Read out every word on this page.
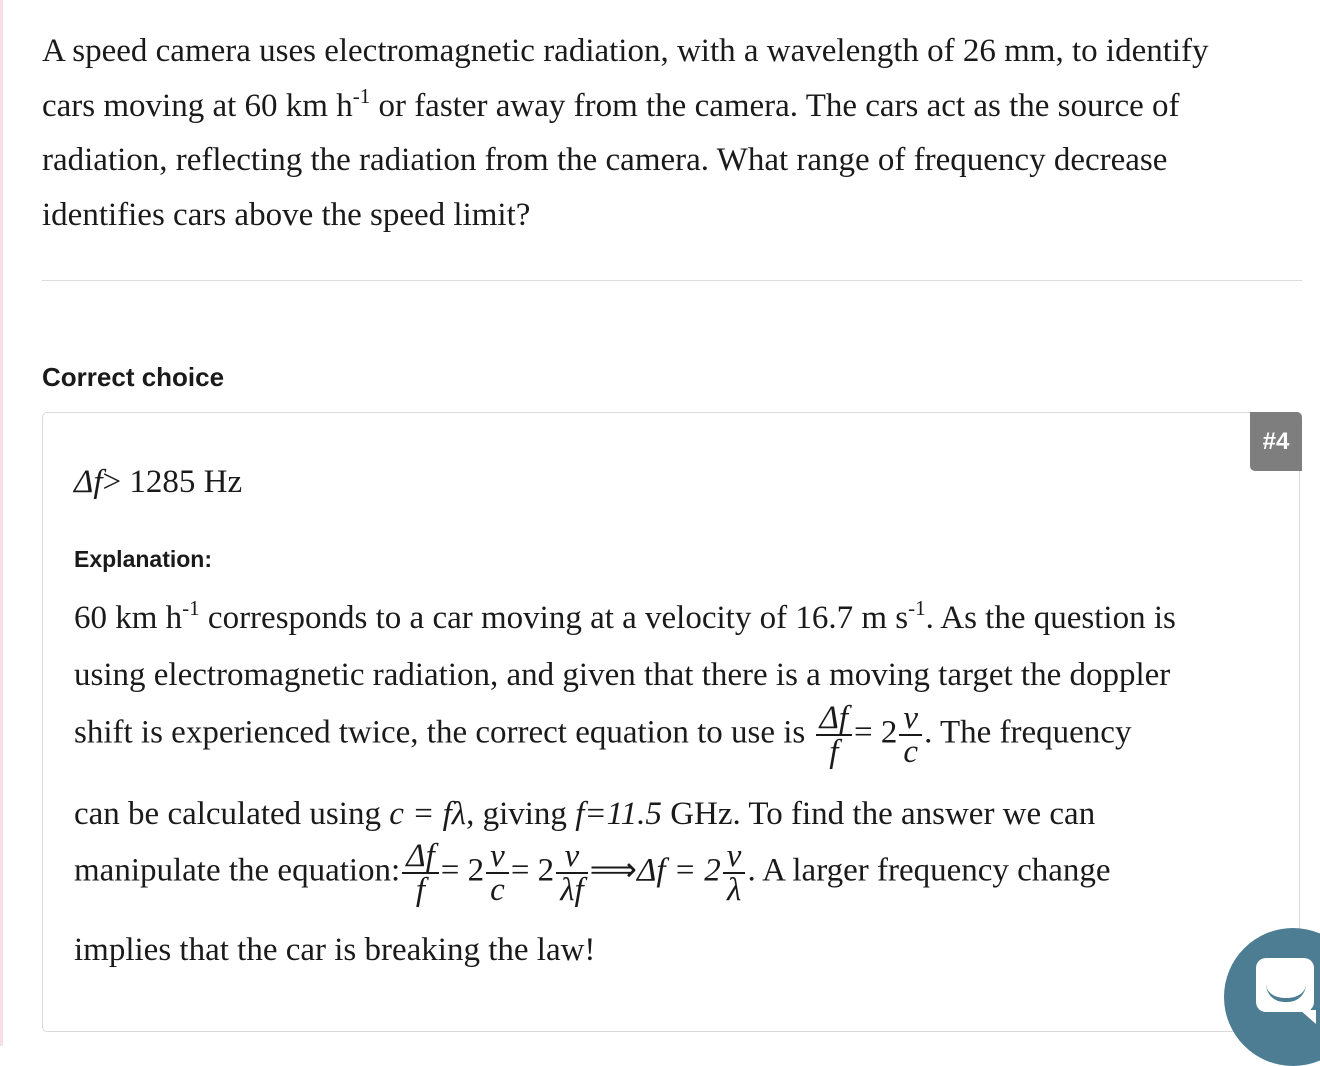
A speed camera uses electromagnetic radiation, with a wavelength of 26 mm, to identify
cars moving at 60 km $h^{-1}$ or faster away from the camera. The cars act as the source of
radiation, reflecting the radiation from the camera. What range of frequency decrease
identifies cars above the speed limit?
Correct choice
#4
Δf> 1285 Hz
Explanation:
60 km $h^{-1}$ corresponds to a car moving at a velocity of 16.7 m $s^{-1}$. As the question is
using electromagnetic radiation, and given that there is a moving target the doppler
shift is experienced twice, the correct equation to use is $\frac{\Delta f}{f} = 2 \frac{v}{c}$ . The frequency
can be calculated using c = fλ, giving f=11.5 GHz. To find the answer we can
manipulate the equation: $\frac{\Delta f}{f} = 2 \frac{v}{c} = 2 \frac{v}{\lambda f}$ ⟹Δf = $2 \frac{v}{\lambda}$ . A larger frequency change
implies that the car is breaking the law!
